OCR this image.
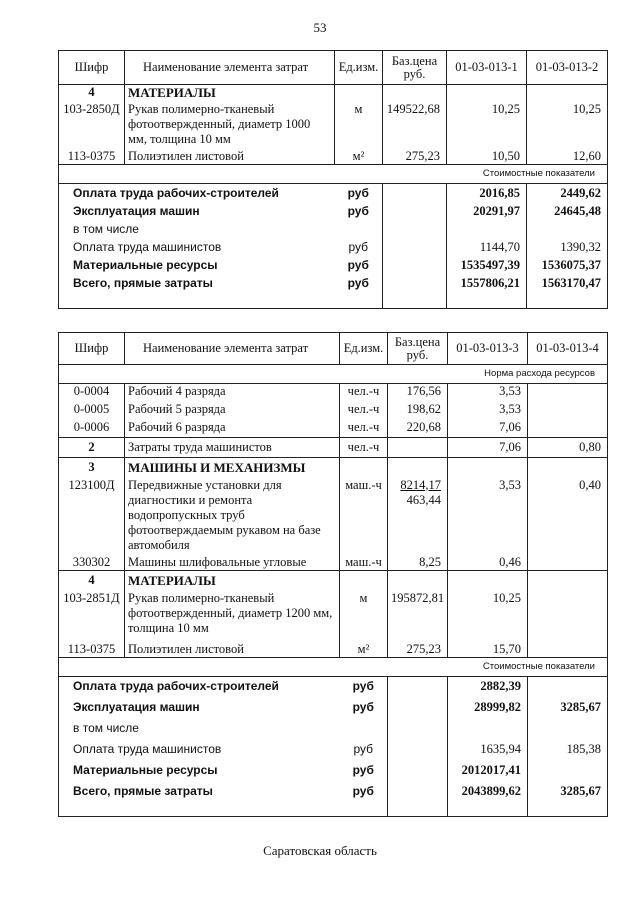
53
Шифр	Наименование элемента затрат	Ед.изм.	Баз.цена руб.	01-03-013-1	01-03-013-2
4	МАТЕРИАЛЫ				
103-2850Д	Рукав полимерно-тканевый фотоотвержденный, диаметр 1000 мм, толщина 10 мм	м	149522,68	10,25	10,25
113-0375	Полиэтилен листовой	м²	275,23	10,50	12,60
Стоимостные показатели					
Оплата труда рабочих-строителей		руб		2016,85	2449,62
Эксплуатация машин		руб		20291,97	24645,48
в том числе					
Оплата труда машинистов		руб		1144,70	1390,32
Материальные ресурсы		руб		1535497,39	1536075,37
Всего, прямые затраты		руб		1557806,21	1563170,47

Шифр	Наименование элемента затрат	Ед.изм.	Баз.цена руб.	01-03-013-3	01-03-013-4
Норма расхода ресурсов					
0-0004	Рабочий 4 разряда	чел.-ч	176,56	3,53	
0-0005	Рабочий 5 разряда	чел.-ч	198,62	3,53	
0-0006	Рабочий 6 разряда	чел.-ч	220,68	7,06	
2	Затраты труда машинистов	чел.-ч		7,06	0,80
3	МАШИНЫ И МЕХАНИЗМЫ				
123100Д	Передвижные установки для диагностики и ремонта водопропускных труб фотоотверждаемым рукавом на базе автомобиля	маш.-ч	8214,17
463,44	3,53	0,40
330302	Машины шлифовальные угловые	маш.-ч	8,25	0,46	
4	МАТЕРИАЛЫ				
103-2851Д	Рукав полимерно-тканевый фотоотвержденный, диаметр 1200 мм, толщина 10 мм	м	195872,81	10,25	
113-0375	Полиэтилен листовой	м²	275,23	15,70	
Стоимостные показатели					
Оплата труда рабочих-строителей		руб		2882,39	
Эксплуатация машин		руб		28999,82	3285,67
в том числе					
Оплата труда машинистов		руб		1635,94	185,38
Материальные ресурсы		руб		2012017,41	
Всего, прямые затраты		руб		2043899,62	3285,67

Саратовская область
